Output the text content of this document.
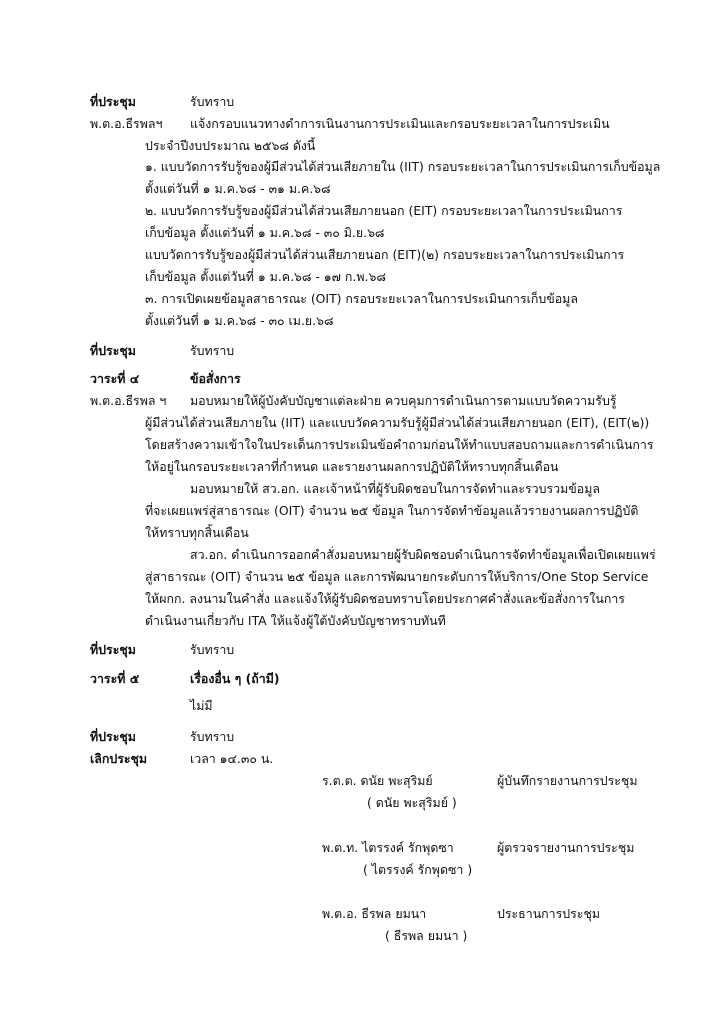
ที่ประชุม	รับทราบ
พ.ต.อ.ธีรพลฯ แจ้งกรอบแนวทางดำการเนินงานการประเมินและกรอบระยะเวลาในการประเมิน
ประจำปีงบประมาณ ๒๕๖๘ ดังนี้
๑. แบบวัดการรับรู้ของผู้มีส่วนได้ส่วนเสียภายใน (IIT) กรอบระยะเวลาในการประเมินการเก็บข้อมูล
ตั้งแต่วันที่ ๑ ม.ค.๖๘ - ๓๑ ม.ค.๖๘
๒. แบบวัดการรับรู้ของผู้มีส่วนได้ส่วนเสียภายนอก (EIT) กรอบระยะเวลาในการประเมินการ
เก็บข้อมูล ตั้งแต่วันที่ ๑ ม.ค.๖๘ - ๓๐ มิ.ย.๖๘
แบบวัดการรับรู้ของผู้มีส่วนได้ส่วนเสียภายนอก (EIT)(๒) กรอบระยะเวลาในการประเมินการ
เก็บข้อมูล ตั้งแต่วันที่ ๑ ม.ค.๖๘ - ๑๗ ก.พ.๖๘
๓. การเปิดเผยข้อมูลสาธารณะ (OIT) กรอบระยะเวลาในการประเมินการเก็บข้อมูล
ตั้งแต่วันที่ ๑ ม.ค.๖๘ - ๓๐ เม.ย.๖๘
ที่ประชุม	รับทราบ
วาระที่ ๔	ข้อสั่งการ
พ.ต.อ.ธีรพล ฯ มอบหมายให้ผู้บังคับบัญชาแต่ละฝ่าย ควบคุมการดำเนินการตามแบบวัดความรับรู้
ผู้มีส่วนได้ส่วนเสียภายใน (IIT) และแบบวัดความรับรู้ผู้มีส่วนได้ส่วนเสียภายนอก (EIT), (EIT(๒))
โดยสร้างความเข้าใจในประเด็นการประเมินข้อคำถามก่อนให้ทำแบบสอบถามและการดำเนินการ
ให้อยู่ในกรอบระยะเวลาที่กำหนด และรายงานผลการปฏิบัติให้ทราบทุกสิ้นเดือน
มอบหมายให้ สว.อก. และเจ้าหน้าที่ผู้รับผิดชอบในการจัดทำและรวบรวมข้อมูล
ที่จะเผยแพร่สู่สาธารณะ (OIT) จำนวน ๒๕ ข้อมูล ในการจัดทำข้อมูลแล้วรายงานผลการปฏิบัติ
ให้ทราบทุกสิ้นเดือน
สว.อก. ดำเนินการออกคำสั่งมอบหมายผู้รับผิดชอบดำเนินการจัดทำข้อมูลเพื่อเปิดเผยแพร่
สู่สาธารณะ (OIT) จำนวน ๒๕ ข้อมูล และการพัฒนายกระดับการให้บริการ/One Stop Service
ให้ผกก. ลงนามในคำสั่ง และแจ้งให้ผู้รับผิดชอบทราบโดยประกาศคำสั่งและข้อสั่งการในการ
ดำเนินงานเกี่ยวกับ ITA ให้แจ้งผู้ใต้บังคับบัญชาทราบทันที
ที่ประชุม	รับทราบ
วาระที่ ๕	เรื่องอื่น ๆ (ถ้ามี)
ไม่มี
ที่ประชุม	รับทราบ
เลิกประชุม	เวลา ๑๔.๓๐ น.
ร.ต.ต. ดนัย พะสุริมย์	ผู้บันทึกรายงานการประชุม
( ดนัย พะสุริมย์ )
พ.ต.ท. ไตรรงค์ รักพุดซา	ผู้ตรวจรายงานการประชุม
( ไตรรงค์ รักพุดซา )
พ.ต.อ. ธีรพล ยมนา	ประธานการประชุม
( ธีรพล ยมนา )
